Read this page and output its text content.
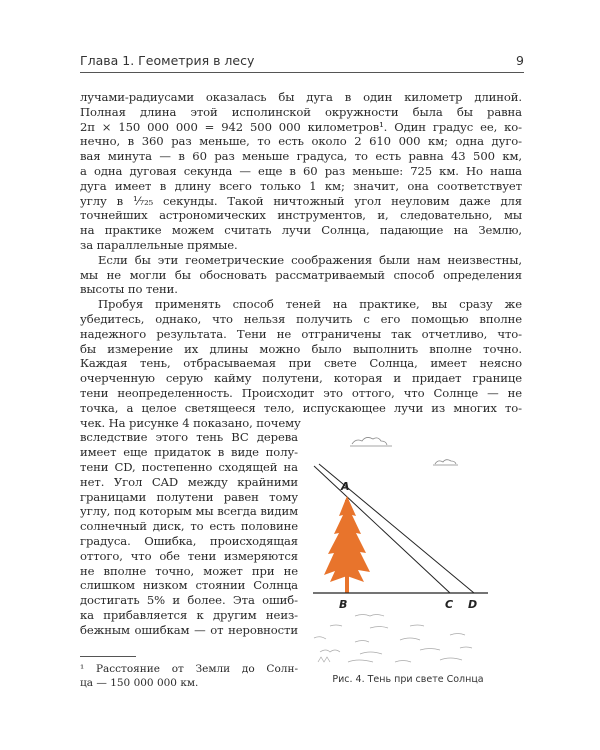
Глава 1. Геометрия в лесу	9
лучами-радиусами оказалась бы дуга в один километр длиной.
Полная длина этой исполинской окружности была бы равна
2π × 150 000 000 = 942 500 000 километров¹. Один градус ее, ко-
нечно, в 360 раз меньше, то есть около 2 610 000 км; одна дуго-
вая минута — в 60 раз меньше градуса, то есть равна 43 500 км,
а одна дуговая секунда — еще в 60 раз меньше: 725 км. Но наша
дуга имеет в длину всего только 1 км; значит, она соответствует
углу в ¹⁄₇₂₅ секунды. Такой ничтожный угол неуловим даже для
точнейших астрономических инструментов, и, следовательно, мы
на практике можем считать лучи Солнца, падающие на Землю,
за параллельные прямые.
Если бы эти геометрические соображения были нам неизвестны,
мы не могли бы обосновать рассматриваемый способ определения
высоты по тени.
Пробуя применять способ теней на практике, вы сразу же
убедитесь, однако, что нельзя получить с его помощью вполне
надежного результата. Тени не отграничены так отчетливо, что-
бы измерение их длины можно было выполнить вполне точно.
Каждая тень, отбрасываемая при свете Солнца, имеет неясно
очерченную серую кайму полутени, которая и придает границе
тени неопределенность. Происходит это оттого, что Солнце — не
точка, а целое светящееся тело, испускающее лучи из многих то-
чек. На рисунке 4 показано, почему
вследствие этого тень BC дерева
имеет еще придаток в виде полу-
тени CD, постепенно сходящей на
нет. Угол CAD между крайними
границами полутени равен тому
углу, под которым мы всегда видим
солнечный диск, то есть половине
градуса. Ошибка, происходящая
оттого, что обе тени измеряются
не вполне точно, может при не
слишком низком стоянии Солнца
достигать 5% и более. Эта ошиб-
ка прибавляется к другим неиз-
бежным ошибкам — от неровности
A
B	C D
Рис. 4. Тень при свете Солнца
¹ Расстояние от Земли до Солн-
ца — 150 000 000 км.
